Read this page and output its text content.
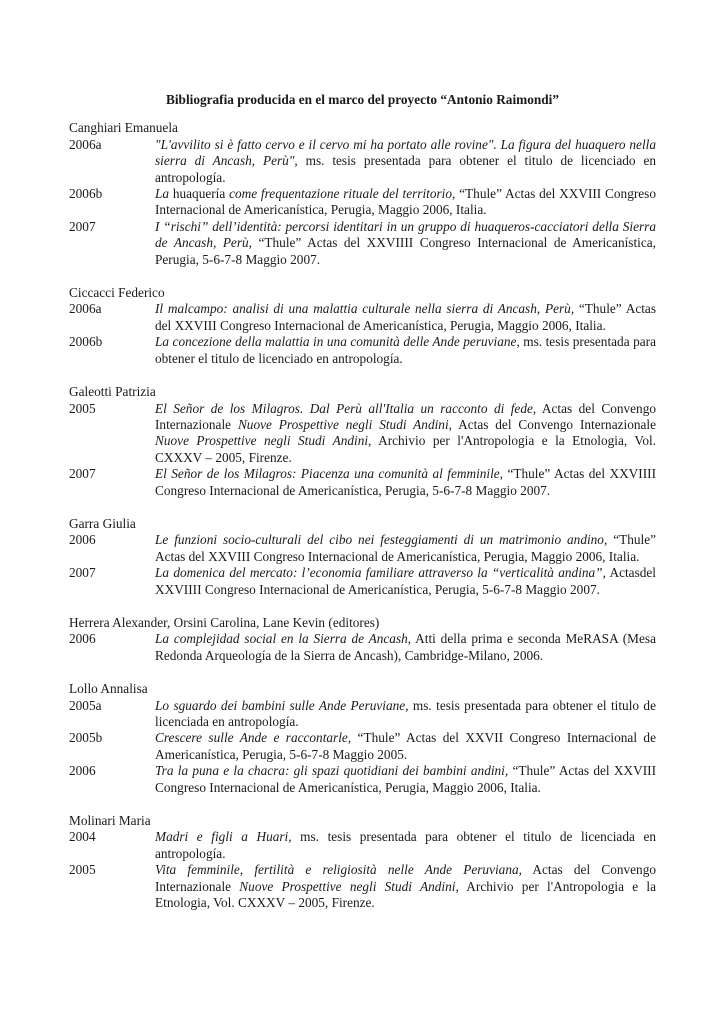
Bibliografia producida en el marco del proyecto “Antonio Raimondi”
Canghiari Emanuela
2006a	"L'avvilito si è fatto cervo e il cervo mi ha portato alle rovine". La figura del huaquero nella sierra di Ancash, Perù", ms. tesis presentada para obtener el titulo de licenciado en antropología.
2006b	La huaquería come frequentazione rituale del territorio, “Thule” Actas del XXVIII Congreso Internacional de Americanística, Perugia, Maggio 2006, Italia.
2007	I “rischi” dell’identità: percorsi identitari in un gruppo di huaqueros-cacciatori della Sierra de Ancash, Perù, “Thule” Actas del XXVIIII Congreso Internacional de Americanística, Perugia, 5-6-7-8 Maggio 2007.
Ciccacci Federico
2006a	Il malcampo: analisi di una malattia culturale nella sierra di Ancash, Perù, “Thule” Actas del XXVIII Congreso Internacional de Americanística, Perugia, Maggio 2006, Italia.
2006b	La concezione della malattia in una comunità delle Ande peruviane, ms. tesis presentada para obtener el titulo de licenciado en antropología.
Galeotti Patrizia
2005	El Señor de los Milagros. Dal Perù all'Italia un racconto di fede, Actas del Convengo Internazionale Nuove Prospettive negli Studi Andini, Actas del Convengo Internazionale Nuove Prospettive negli Studi Andini, Archivio per l'Antropologia e la Etnologia, Vol. CXXXV – 2005, Firenze.
2007	El Señor de los Milagros: Piacenza una comunità al femminile, “Thule” Actas del XXVIIII Congreso Internacional de Americanística, Perugia, 5-6-7-8 Maggio 2007.
Garra Giulia
2006	Le funzioni socio-culturali del cibo nei festeggiamenti di un matrimonio andino, “Thule” Actas del XXVIII Congreso Internacional de Americanística, Perugia, Maggio 2006, Italia.
2007	La domenica del mercato: l’economia familiare attraverso la “verticalità andina”, Actasdel XXVIIII Congreso Internacional de Americanística, Perugia, 5-6-7-8 Maggio 2007.
Herrera Alexander, Orsini Carolina, Lane Kevin (editores)
2006	La complejidad social en la Sierra de Ancash, Atti della prima e seconda MeRASA (Mesa Redonda Arqueología de la Sierra de Ancash), Cambridge-Milano, 2006.
Lollo Annalisa
2005a	Lo sguardo dei bambini sulle Ande Peruviane, ms. tesis presentada para obtener el titulo de licenciada en antropología.
2005b	Crescere sulle Ande e raccontarle, “Thule” Actas del XXVII Congreso Internacional de Americanística, Perugia, 5-6-7-8 Maggio 2005.
2006	Tra la puna e la chacra: gli spazi quotidiani dei bambini andini, “Thule” Actas del XXVIII Congreso Internacional de Americanística, Perugia, Maggio 2006, Italia.
Molinari Maria
2004	Madri e figli a Huari, ms. tesis presentada para obtener el titulo de licenciada en antropología.
2005	Vita femminile, fertilità e religiosità nelle Ande Peruviana, Actas del Convengo Internazionale Nuove Prospettive negli Studi Andini, Archivio per l'Antropologia e la Etnologia, Vol. CXXXV – 2005, Firenze.
